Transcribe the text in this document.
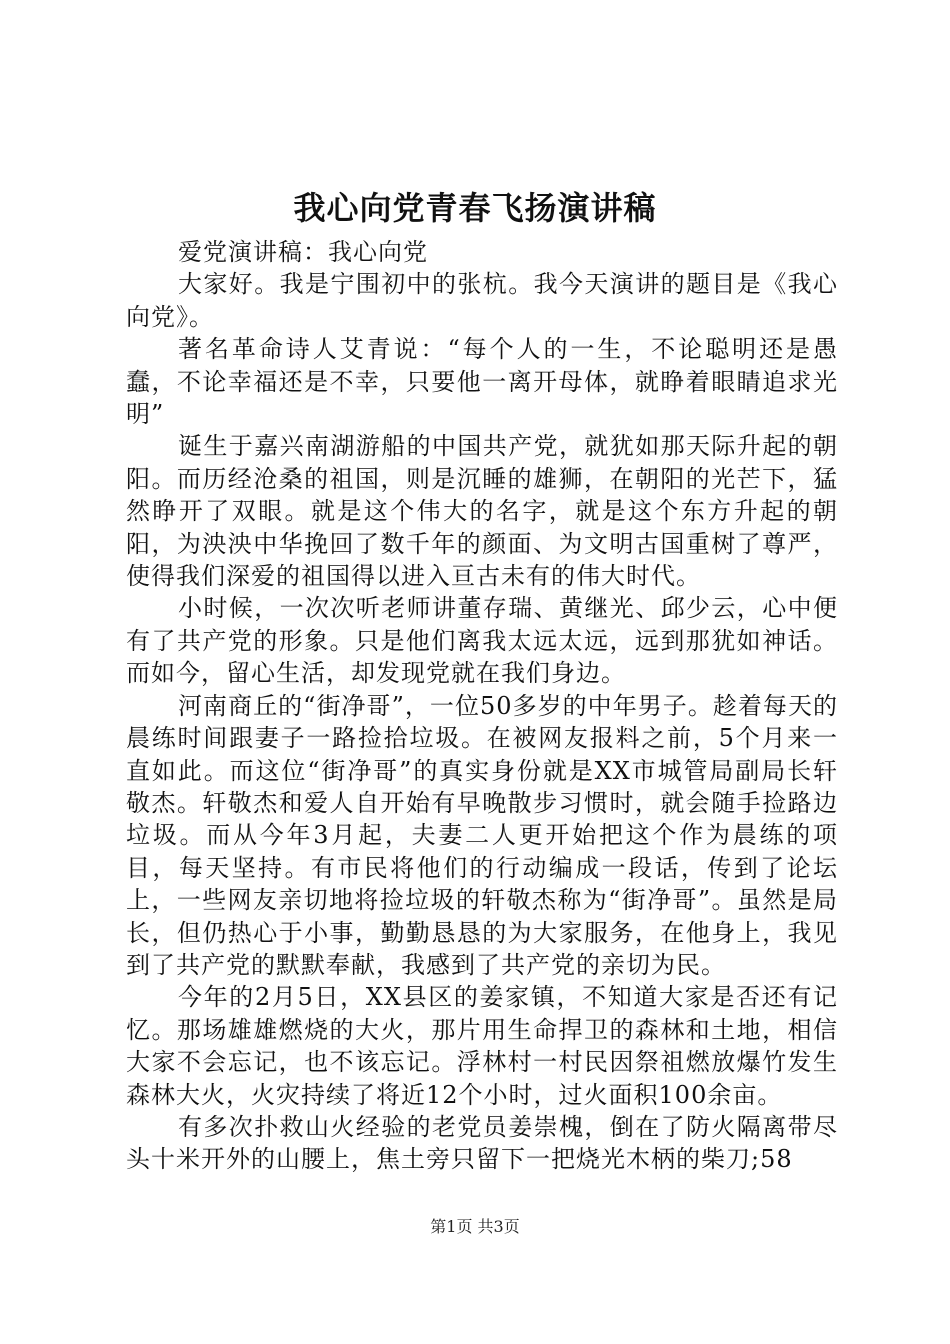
我心向党青春飞扬演讲稿

爱党演讲稿：我心向党

大家好。我是宁围初中的张杭。我今天演讲的题目是《我心向党》。

著名革命诗人艾青说：“每个人的一生，不论聪明还是愚蠢，不论幸福还是不幸，只要他一离开母体，就睁着眼睛追求光明”

诞生于嘉兴南湖游船的中国共产党，就犹如那天际升起的朝阳。而历经沧桑的祖国，则是沉睡的雄狮，在朝阳的光芒下，猛然睁开了双眼。就是这个伟大的名字，就是这个东方升起的朝阳，为泱泱中华挽回了数千年的颜面、为文明古国重树了尊严，使得我们深爱的祖国得以进入亘古未有的伟大时代。

小时候，一次次听老师讲董存瑞、黄继光、邱少云，心中便有了共产党的形象。只是他们离我太远太远，远到那犹如神话。而如今，留心生活，却发现党就在我们身边。

河南商丘的“街净哥”，一位50多岁的中年男子。趁着每天的晨练时间跟妻子一路捡拾垃圾。在被网友报料之前，5个月来一直如此。而这位“街净哥”的真实身份就是XX市城管局副局长轩敬杰。轩敬杰和爱人自开始有早晚散步习惯时，就会随手捡路边垃圾。而从今年3月起，夫妻二人更开始把这个作为晨练的项目，每天坚持。有市民将他们的行动编成一段话，传到了论坛上，一些网友亲切地将捡垃圾的轩敬杰称为“街净哥”。虽然是局长，但仍热心于小事，勤勤恳恳的为大家服务，在他身上，我见到了共产党的默默奉献，我感到了共产党的亲切为民。

今年的2月5日，XX县区的姜家镇，不知道大家是否还有记忆。那场雄雄燃烧的大火，那片用生命捍卫的森林和土地，相信大家不会忘记，也不该忘记。浮林村一村民因祭祖燃放爆竹发生森林大火，火灾持续了将近12个小时，过火面积100余亩。

有多次扑救山火经验的老党员姜崇槐，倒在了防火隔离带尽头十米开外的山腰上，焦土旁只留下一把烧光木柄的柴刀;58

第1页 共3页
